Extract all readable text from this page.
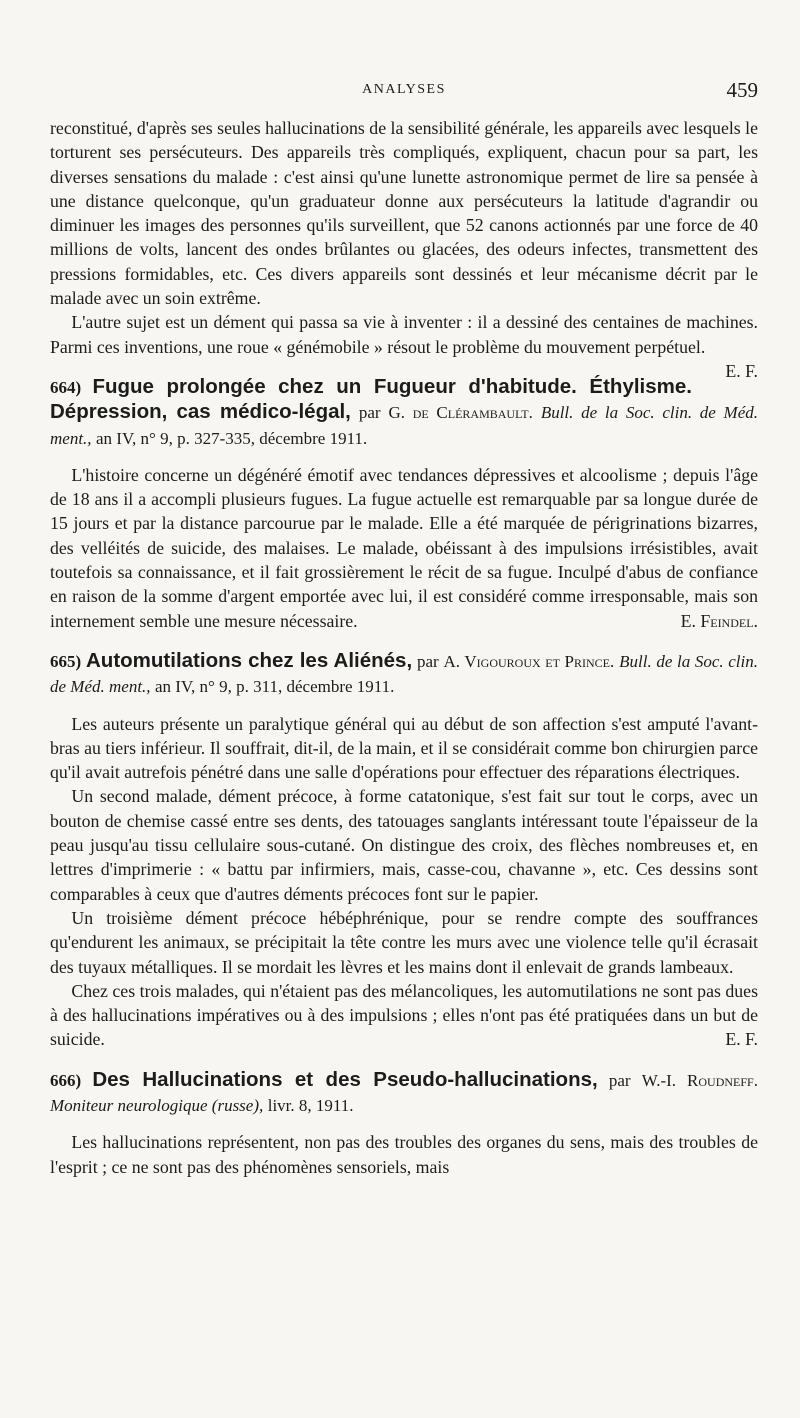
ANALYSES	459

reconstitué, d'après ses seules hallucinations de la sensibilité générale, les appareils avec lesquels le torturent ses persécuteurs. Des appareils très compliqués, expliquent, chacun pour sa part, les diverses sensations du malade : c'est ainsi qu'une lunette astronomique permet de lire sa pensée à une distance quelconque, qu'un graduateur donne aux persécuteurs la latitude d'agrandir ou diminuer les images des personnes qu'ils surveillent, que 52 canons actionnés par une force de 40 millions de volts, lancent des ondes brûlantes ou glacées, des odeurs infectes, transmettent des pressions formidables, etc. Ces divers appareils sont dessinés et leur mécanisme décrit par le malade avec un soin extrême.

L'autre sujet est un dément qui passa sa vie à inventer : il a dessiné des centaines de machines. Parmi ces inventions, une roue « génémobile » résout le problème du mouvement perpétuel.
E. F.

664) Fugue prolongée chez un Fugueur d'habitude. Éthylisme. Dépression, cas médico-légal, par G. de Clérambault. Bull. de la Soc. clin. de Méd. ment., an IV, n° 9, p. 327-335, décembre 1911.

L'histoire concerne un dégénéré émotif avec tendances dépressives et alcoolisme ; depuis l'âge de 18 ans il a accompli plusieurs fugues. La fugue actuelle est remarquable par sa longue durée de 15 jours et par la distance parcourue par le malade. Elle a été marquée de périgrinations bizarres, des velléités de suicide, des malaises. Le malade, obéissant à des impulsions irrésistibles, avait toutefois sa connaissance, et il fait grossièrement le récit de sa fugue. Inculpé d'abus de confiance en raison de la somme d'argent emportée avec lui, il est considéré comme irresponsable, mais son internement semble une mesure nécessaire.	E. Feindel.

665) Automutilations chez les Aliénés, par A. Vigouroux et Prince. Bull. de la Soc. clin. de Méd. ment., an IV, n° 9, p. 311, décembre 1911.

Les auteurs présente un paralytique général qui au début de son affection s'est amputé l'avant-bras au tiers inférieur. Il souffrait, dit-il, de la main, et il se considérait comme bon chirurgien parce qu'il avait autrefois pénétré dans une salle d'opérations pour effectuer des réparations électriques.

Un second malade, dément précoce, à forme catatonique, s'est fait sur tout le corps, avec un bouton de chemise cassé entre ses dents, des tatouages sanglants intéressant toute l'épaisseur de la peau jusqu'au tissu cellulaire sous-cutané. On distingue des croix, des flèches nombreuses et, en lettres d'imprimerie : « battu par infirmiers, mais, casse-cou, chavanne », etc. Ces dessins sont comparables à ceux que d'autres déments précoces font sur le papier.

Un troisième dément précoce hébéphrénique, pour se rendre compte des souffrances qu'endurent les animaux, se précipitait la tête contre les murs avec une violence telle qu'il écrasait des tuyaux métalliques. Il se mordait les lèvres et les mains dont il enlevait de grands lambeaux.

Chez ces trois malades, qui n'étaient pas des mélancoliques, les automutilations ne sont pas dues à des hallucinations impératives ou à des impulsions ; elles n'ont pas été pratiquées dans un but de suicide.	E. F.

666) Des Hallucinations et des Pseudo-hallucinations, par W.-I. Roudneff. Moniteur neurologique (russe), livr. 8, 1911.

Les hallucinations représentent, non pas des troubles des organes du sens, mais des troubles de l'esprit ; ce ne sont pas des phénomènes sensoriels, mais
